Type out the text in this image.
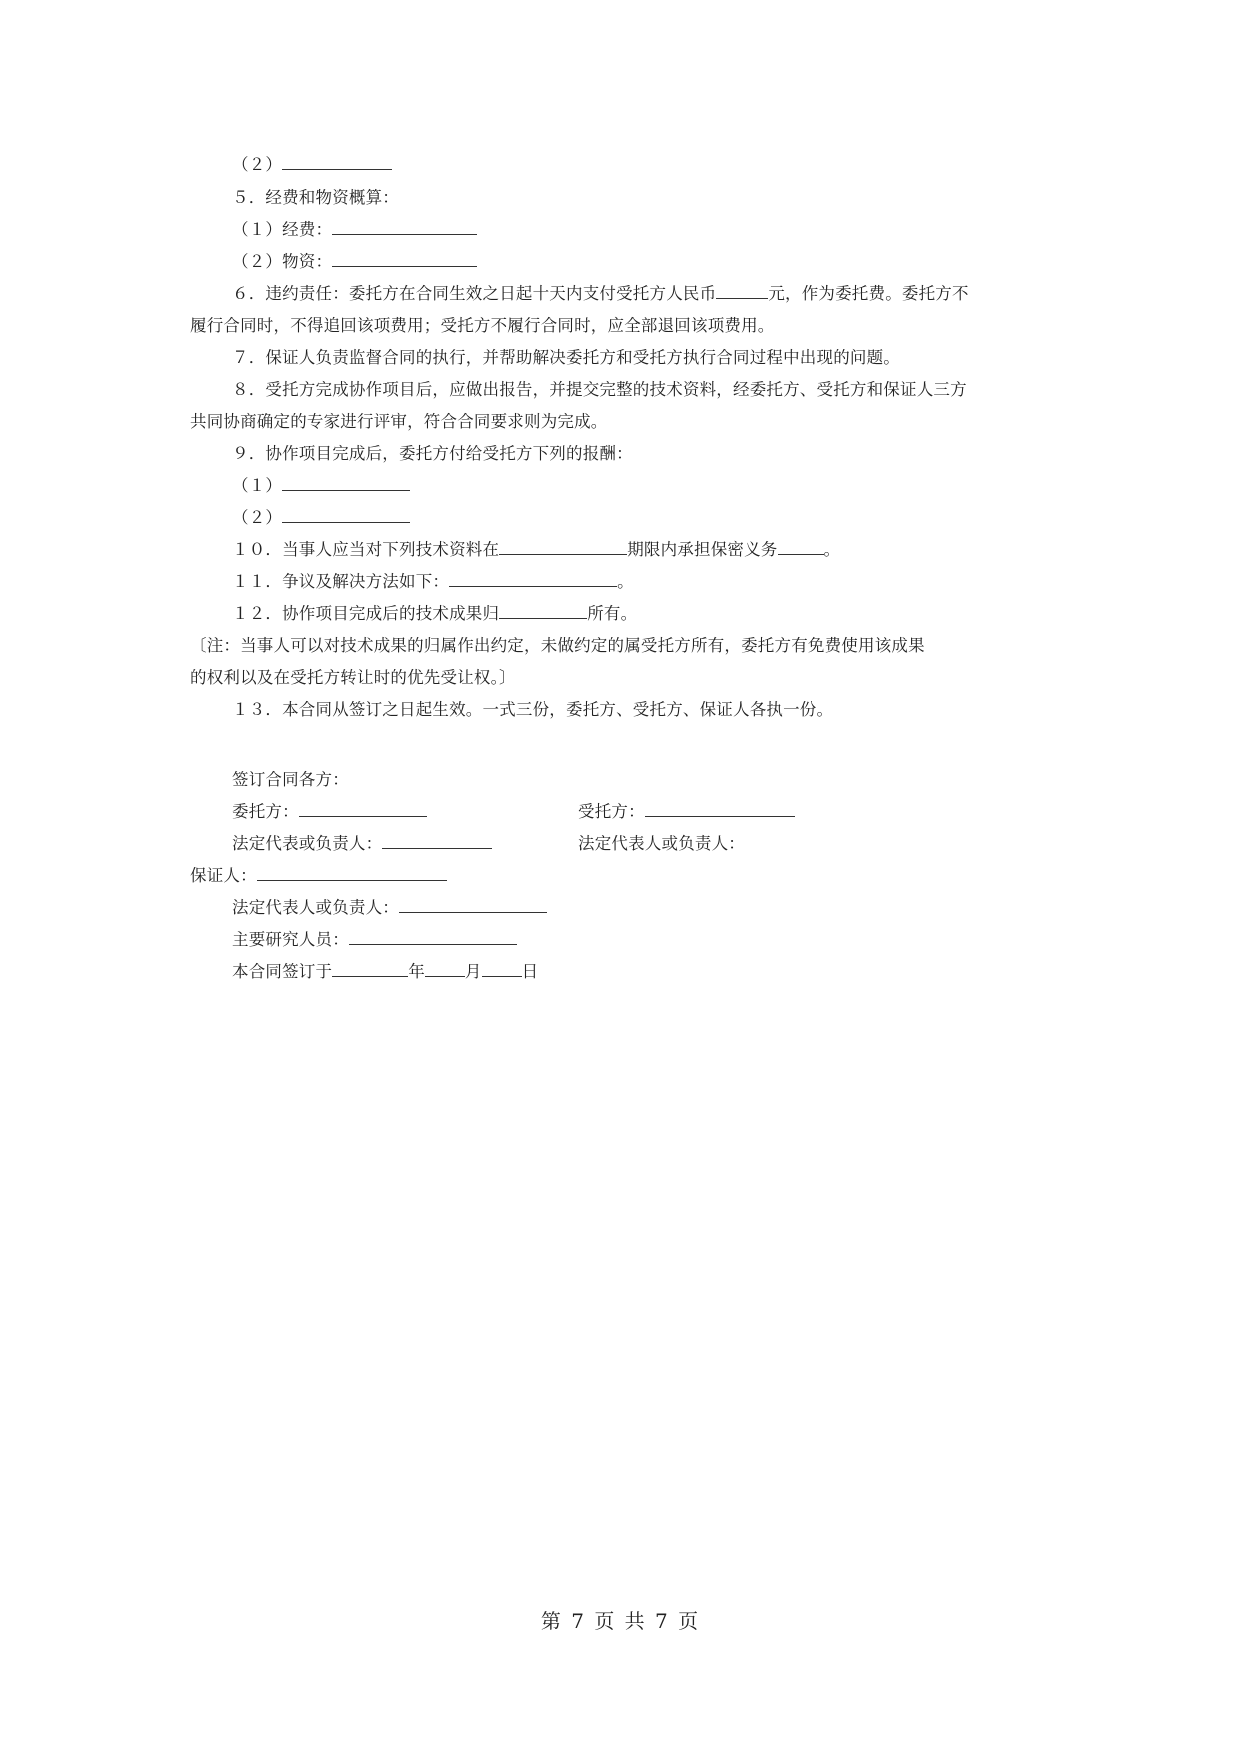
（２）
５．经费和物资概算：
（１）经费：
（２）物资：
６．违约责任：委托方在合同生效之日起十天内支付受托方人民币	元，作为委托费。委托方不
履行合同时，不得追回该项费用；受托方不履行合同时，应全部退回该项费用。
７．保证人负责监督合同的执行，并帮助解决委托方和受托方执行合同过程中出现的问题。
８．受托方完成协作项目后，应做出报告，并提交完整的技术资料，经委托方、受托方和保证人三方
共同协商确定的专家进行评审，符合合同要求则为完成。
９．协作项目完成后，委托方付给受托方下列的报酬：
（１）
（２）
１０．当事人应当对下列技术资料在	期限内承担保密义务	。
１１．争议及解决方法如下：	。
１２．协作项目完成后的技术成果归	所有。
〔注：当事人可以对技术成果的归属作出约定，未做约定的属受托方所有，委托方有免费使用该成果
的权利以及在受托方转让时的优先受让权。〕
１３．本合同从签订之日起生效。一式三份，委托方、受托方、保证人各执一份。
签订合同各方：
委托方：	受托方：
法定代表或负责人：	法定代表人或负责人：
保证人：
法定代表人或负责人：
主要研究人员：
本合同签订于	年 月 日
第 7 页 共 7 页
